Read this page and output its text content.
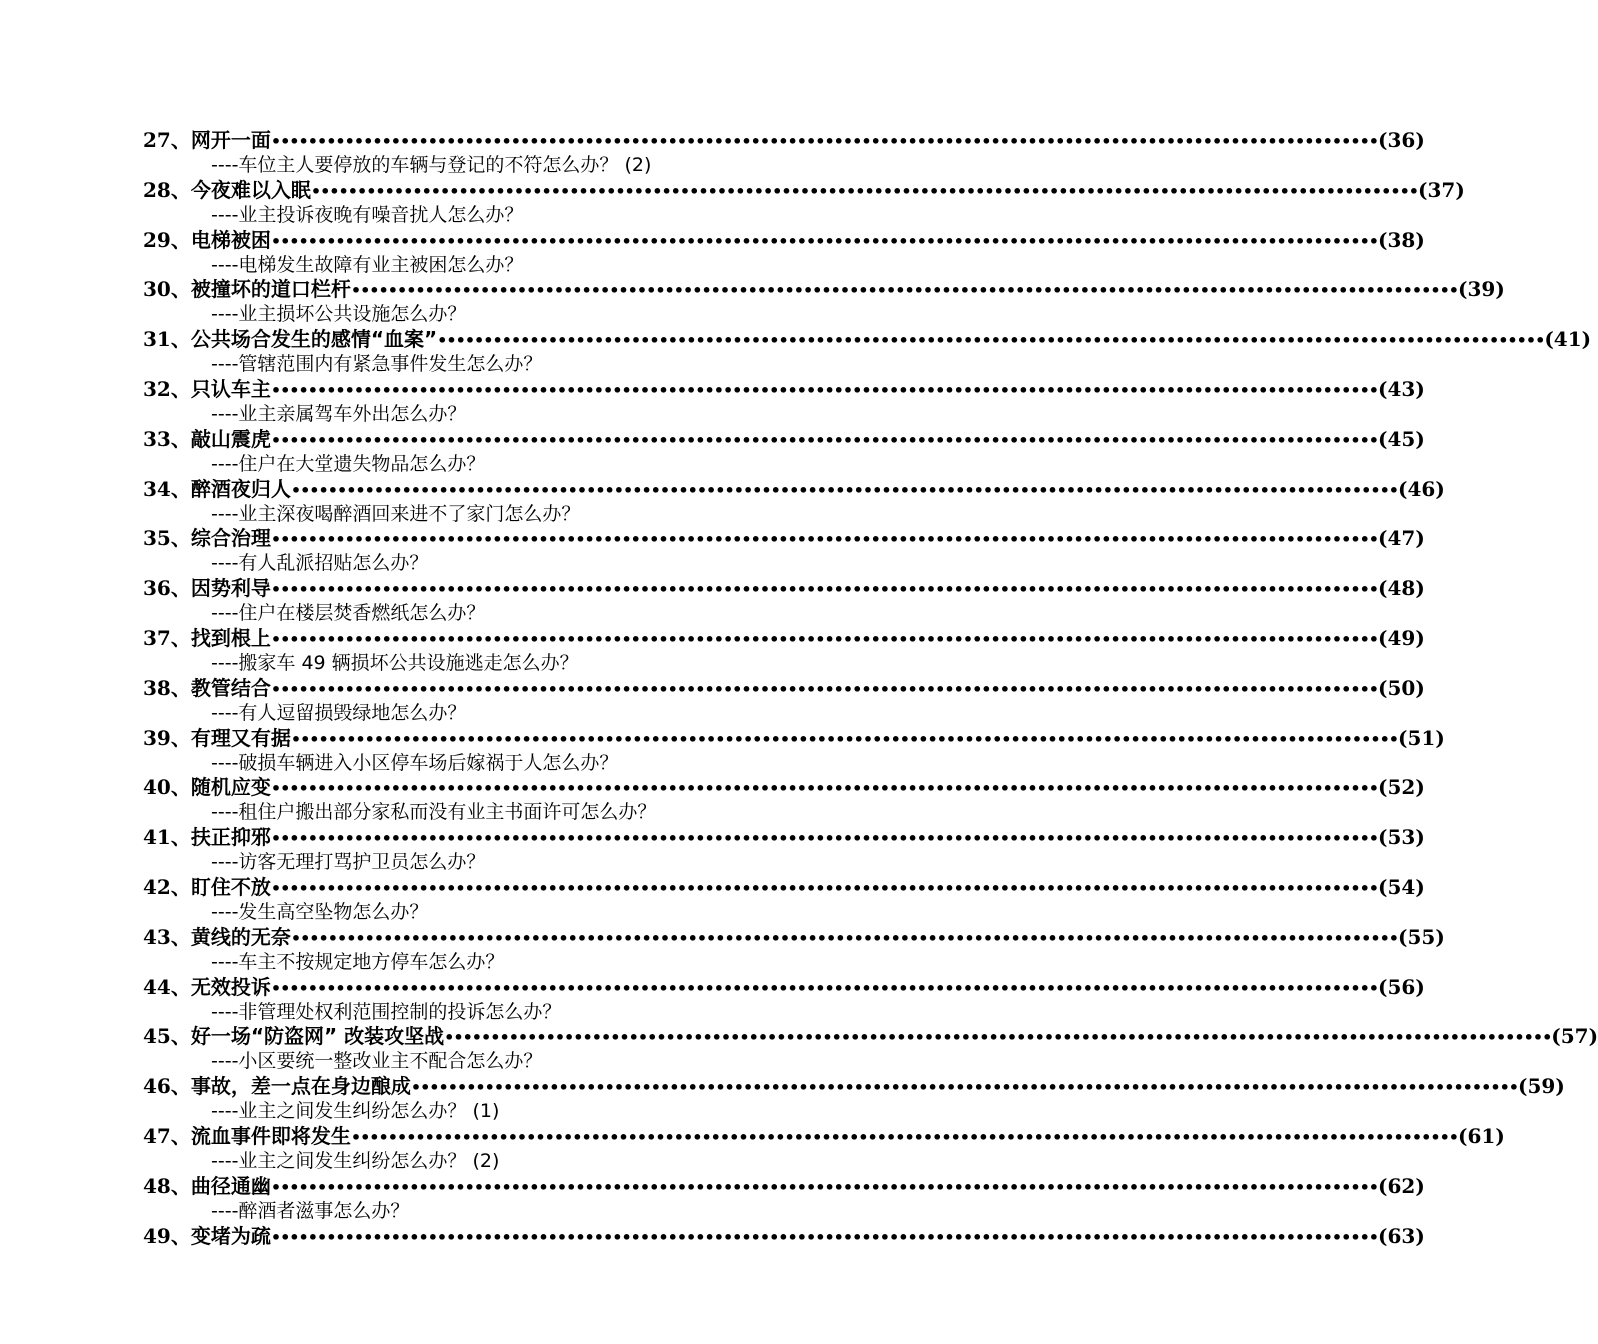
27、 网开一面 •••••••••••••••••••••••••••••••••••••••••••••••••••••••••••••••••••••••••••••••••••••••••••••••••••••••••••••••••••••••• (36)
----车位主人要停放的车辆与登记的不符怎么办？ (2)
28、 今夜难以入眠 •••••••••••••••••••••••••••••••••••••••••••••••••••••••••••••••••••••••••••••••••••••••••••••••••••••••••••••••••••••••• (37)
----业主投诉夜晚有噪音扰人怎么办？
29、 电梯被困 •••••••••••••••••••••••••••••••••••••••••••••••••••••••••••••••••••••••••••••••••••••••••••••••••••••••••••••••••••••••• (38)
----电梯发生故障有业主被困怎么办？
30、 被撞坏的道口栏杆 •••••••••••••••••••••••••••••••••••••••••••••••••••••••••••••••••••••••••••••••••••••••••••••••••••••••••••••••••••••••• (39)
----业主损坏公共设施怎么办？
31、 公共场合发生的感情“血案” •••••••••••••••••••••••••••••••••••••••••••••••••••••••••••••••••••••••••••••••••••••••••••••••••••••••••••••••••••••••• (41)
----管辖范围内有紧急事件发生怎么办？
32、 只认车主 •••••••••••••••••••••••••••••••••••••••••••••••••••••••••••••••••••••••••••••••••••••••••••••••••••••••••••••••••••••••• (43)
----业主亲属驾车外出怎么办？
33、 敲山震虎 •••••••••••••••••••••••••••••••••••••••••••••••••••••••••••••••••••••••••••••••••••••••••••••••••••••••••••••••••••••••• (45)
----住户在大堂遗失物品怎么办？
34、 醉酒夜归人 •••••••••••••••••••••••••••••••••••••••••••••••••••••••••••••••••••••••••••••••••••••••••••••••••••••••••••••••••••••••• (46)
----业主深夜喝醉酒回来进不了家门怎么办？
35、 综合治理 •••••••••••••••••••••••••••••••••••••••••••••••••••••••••••••••••••••••••••••••••••••••••••••••••••••••••••••••••••••••• (47)
----有人乱派招贴怎么办？
36、 因势利导 •••••••••••••••••••••••••••••••••••••••••••••••••••••••••••••••••••••••••••••••••••••••••••••••••••••••••••••••••••••••• (48)
----住户在楼层焚香燃纸怎么办？
37、 找到根上 •••••••••••••••••••••••••••••••••••••••••••••••••••••••••••••••••••••••••••••••••••••••••••••••••••••••••••••••••••••••• (49)
----搬家车 49 辆损坏公共设施逃走怎么办？
38、 教管结合 •••••••••••••••••••••••••••••••••••••••••••••••••••••••••••••••••••••••••••••••••••••••••••••••••••••••••••••••••••••••• (50)
----有人逗留损毁绿地怎么办？
39、 有理又有据 •••••••••••••••••••••••••••••••••••••••••••••••••••••••••••••••••••••••••••••••••••••••••••••••••••••••••••••••••••••••• (51)
----破损车辆进入小区停车场后嫁祸于人怎么办？
40、 随机应变 •••••••••••••••••••••••••••••••••••••••••••••••••••••••••••••••••••••••••••••••••••••••••••••••••••••••••••••••••••••••• (52)
----租住户搬出部分家私而没有业主书面许可怎么办？
41、 扶正抑邪 •••••••••••••••••••••••••••••••••••••••••••••••••••••••••••••••••••••••••••••••••••••••••••••••••••••••••••••••••••••••• (53)
----访客无理打骂护卫员怎么办？
42、 盯住不放 •••••••••••••••••••••••••••••••••••••••••••••••••••••••••••••••••••••••••••••••••••••••••••••••••••••••••••••••••••••••• (54)
----发生高空坠物怎么办？
43、 黄线的无奈 •••••••••••••••••••••••••••••••••••••••••••••••••••••••••••••••••••••••••••••••••••••••••••••••••••••••••••••••••••••••• (55)
----车主不按规定地方停车怎么办？
44、 无效投诉 •••••••••••••••••••••••••••••••••••••••••••••••••••••••••••••••••••••••••••••••••••••••••••••••••••••••••••••••••••••••• (56)
----非管理处权利范围控制的投诉怎么办？
45、 好一场“防盗网” 改装攻坚战 •••••••••••••••••••••••••••••••••••••••••••••••••••••••••••••••••••••••••••••••••••••••••••••••••••••••••••••••••••••••• (57)
----小区要统一整改业主不配合怎么办？
46、 事故，差一点在身边酿成 •••••••••••••••••••••••••••••••••••••••••••••••••••••••••••••••••••••••••••••••••••••••••••••••••••••••••••••••••••••••• (59)
----业主之间发生纠纷怎么办？ (1)
47、 流血事件即将发生 •••••••••••••••••••••••••••••••••••••••••••••••••••••••••••••••••••••••••••••••••••••••••••••••••••••••••••••••••••••••• (61)
----业主之间发生纠纷怎么办？ (2)
48、 曲径通幽 •••••••••••••••••••••••••••••••••••••••••••••••••••••••••••••••••••••••••••••••••••••••••••••••••••••••••••••••••••••••• (62)
----醉酒者滋事怎么办？
49、 变堵为疏 •••••••••••••••••••••••••••••••••••••••••••••••••••••••••••••••••••••••••••••••••••••••••••••••••••••••••••••••••••••••• (63)
